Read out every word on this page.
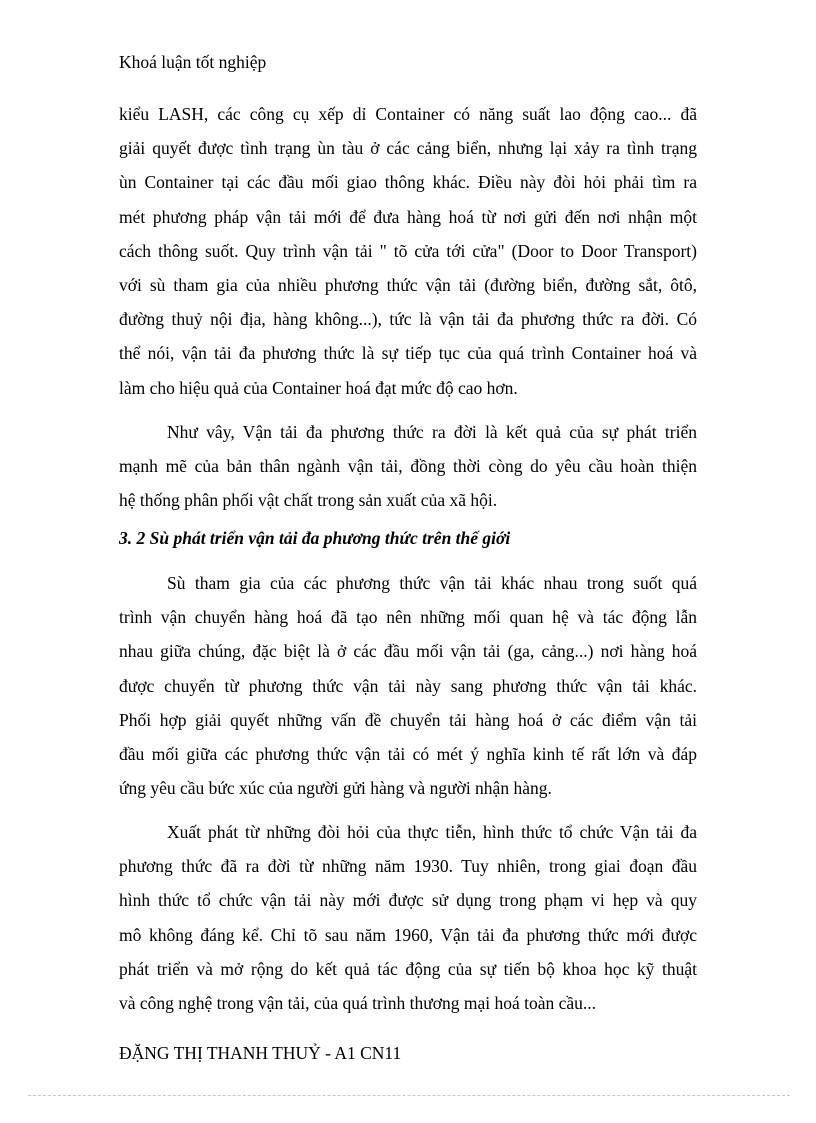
Khoá luận tốt nghiệp
kiểu LASH, các công cụ xếp dỉ Container có năng suất lao động cao... đã
giải quyết được tình trạng ùn tàu ở các cảng biển, nhưng lại xảy ra tình trạng
ùn Container tại các đầu mối giao thông khác. Điều này đòi hỏi phải tìm ra
mét phương pháp vận tải mới để đưa hàng hoá từ nơi gửi đến nơi nhận một
cách thông suốt. Quy trình vận tải " tõ cửa tới cửa" (Door to Door Transport)
với sù tham gia của nhiều phương thức vận tải (đường biển, đường sắt, ôtô,
đường thuỷ nội địa, hàng không...), tức là vận tải đa phương thức ra đời. Có
thể nói, vận tải đa phương thức là sự tiếp tục của quá trình Container hoá và
làm cho hiệu quả của Container hoá đạt mức độ cao hơn.
Như vây, Vận tải đa phương thức ra đời là kết quả của sự phát triển
mạnh mẽ của bản thân ngành vận tải, đồng thời còng do yêu cầu hoàn thiện
hệ thống phân phối vật chất trong sản xuất của xã hội.
3. 2 Sù phát triển vận tải đa phương thức trên thế giới
Sù tham gia của các phương thức vận tải khác nhau trong suốt quá
trình vận chuyển hàng hoá đã tạo nên những mối quan hệ và tác động lẫn
nhau giữa chúng, đặc biệt là ở các đầu mối vận tải (ga, cảng...) nơi hàng hoá
được chuyển từ phương thức vận tải này sang phương thức vận tải khác.
Phối hợp giải quyết những vấn đề chuyển tải hàng hoá ở các điểm vận tải
đầu mối giữa các phương thức vận tải có mét ý nghĩa kinh tế rất lớn và đáp
ứng yêu cầu bức xúc của người gửi hàng và người nhận hàng.
Xuất phát từ những đòi hỏi của thực tiễn, hình thức tổ chức Vận tải đa
phương thức đã ra đời từ những năm 1930. Tuy nhiên, trong giai đoạn đầu
hình thức tổ chức vận tải này mới được sử dụng trong phạm vi hẹp và quy
mô không đáng kể. Chỉ tõ sau năm 1960, Vận tải đa phương thức mới được
phát triển và mở rộng do kết quả tác động của sự tiến bộ khoa học kỹ thuật
và công nghệ trong vận tải, của quá trình thương mại hoá toàn cầu...
ĐẶNG THỊ THANH THUỶ - A1 CN11
